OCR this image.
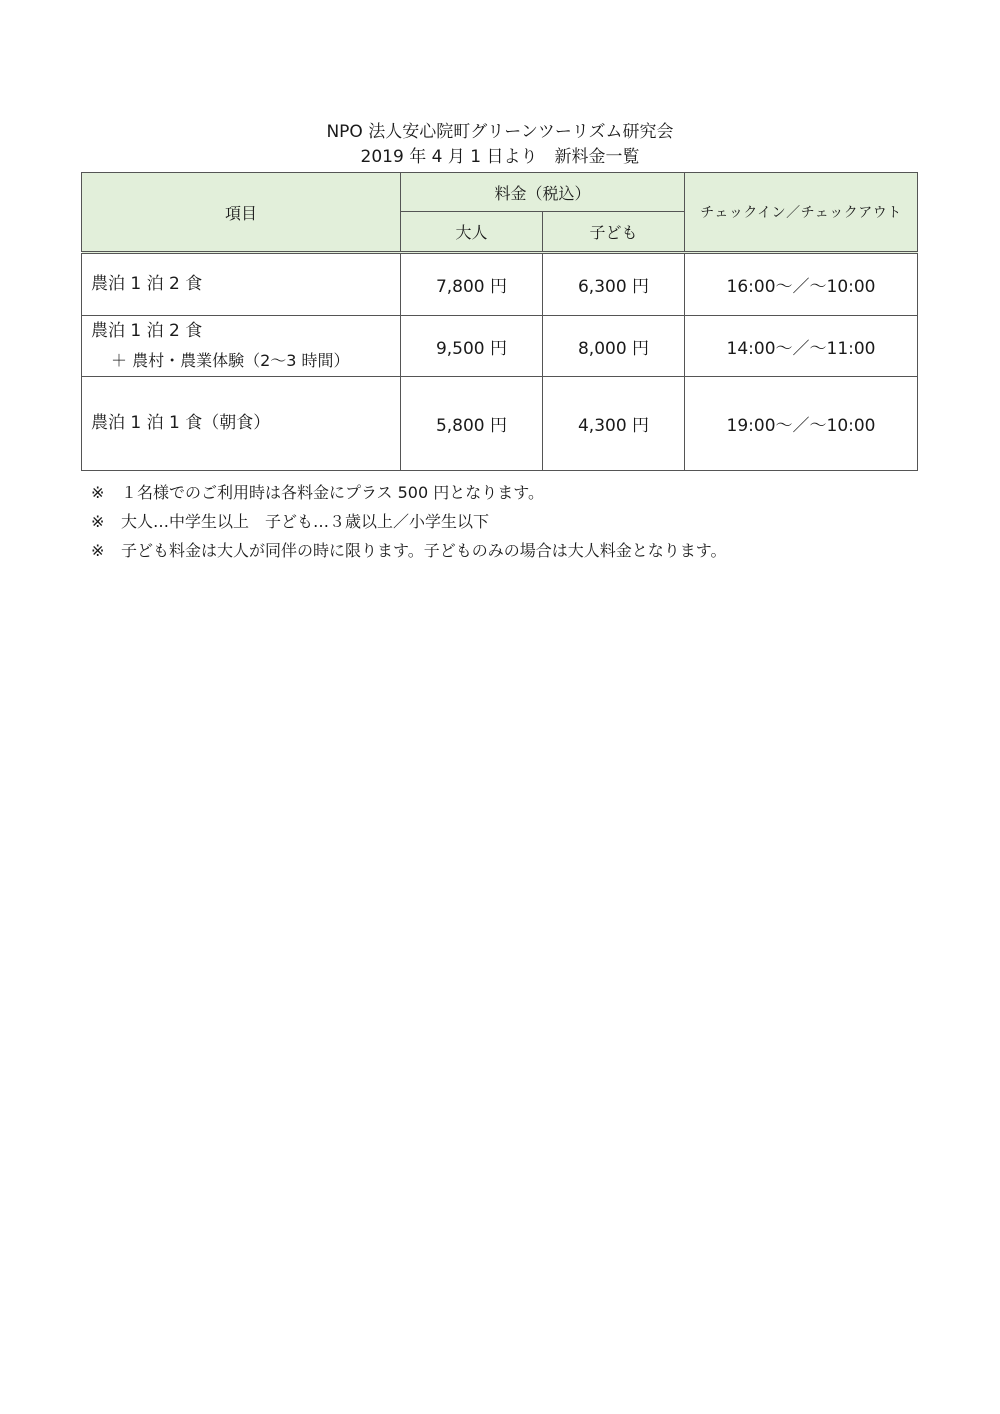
NPO 法人安心院町グリーンツーリズム研究会
2019 年 4 月 1 日より　新料金一覧
項目	料金（税込）		チェックイン／チェックアウト
	大人	子ども	
農泊 1 泊 2 食	7,800 円	6,300 円	16:00～／～10:00
農泊 1 泊 2 食
＋ 農村・農業体験（2～3 時間）	9,500 円	8,000 円	14:00～／～11:00
農泊 1 泊 1 食（朝食）	5,800 円	4,300 円	19:00～／～10:00
※ １名様でのご利用時は各料金にプラス 500 円となります。
※ 大人…中学生以上　子ども…３歳以上／小学生以下
※ 子ども料金は大人が同伴の時に限ります。子どものみの場合は大人料金となります。
